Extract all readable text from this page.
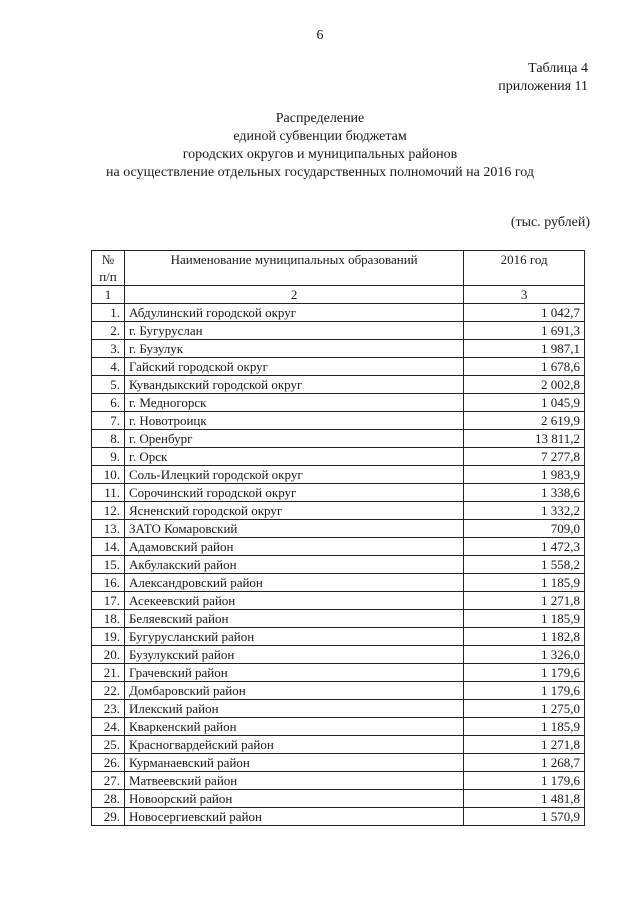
6
Таблица 4
приложения 11
Распределение
единой субвенции бюджетам
городских округов и муниципальных районов
на осуществление отдельных государственных полномочий на 2016 год
(тыс. рублей)
№
п/п	Наименование муниципальных образований	2016 год
1	2	3
1.	Абдулинский городской округ	1 042,7
2.	г. Бугуруслан	1 691,3
3.	г. Бузулук	1 987,1
4.	Гайский городской округ	1 678,6
5.	Кувандыкский городской округ	2 002,8
6.	г. Медногорск	1 045,9
7.	г. Новотроицк	2 619,9
8.	г. Оренбург	13 811,2
9.	г. Орск	7 277,8
10.	Соль-Илецкий городской округ	1 983,9
11.	Сорочинский городской округ	1 338,6
12.	Ясненский городской округ	1 332,2
13.	ЗАТО Комаровский	709,0
14.	Адамовский район	1 472,3
15.	Акбулакский район	1 558,2
16.	Александровский район	1 185,9
17.	Асекеевский район	1 271,8
18.	Беляевский район	1 185,9
19.	Бугурусланский район	1 182,8
20.	Бузулукский район	1 326,0
21.	Грачевский район	1 179,6
22.	Домбаровский район	1 179,6
23.	Илекский район	1 275,0
24.	Кваркенский район	1 185,9
25.	Красногвардейский район	1 271,8
26.	Курманаевский район	1 268,7
27.	Матвеевский район	1 179,6
28.	Новоорский район	1 481,8
29.	Новосергиевский район	1 570,9
